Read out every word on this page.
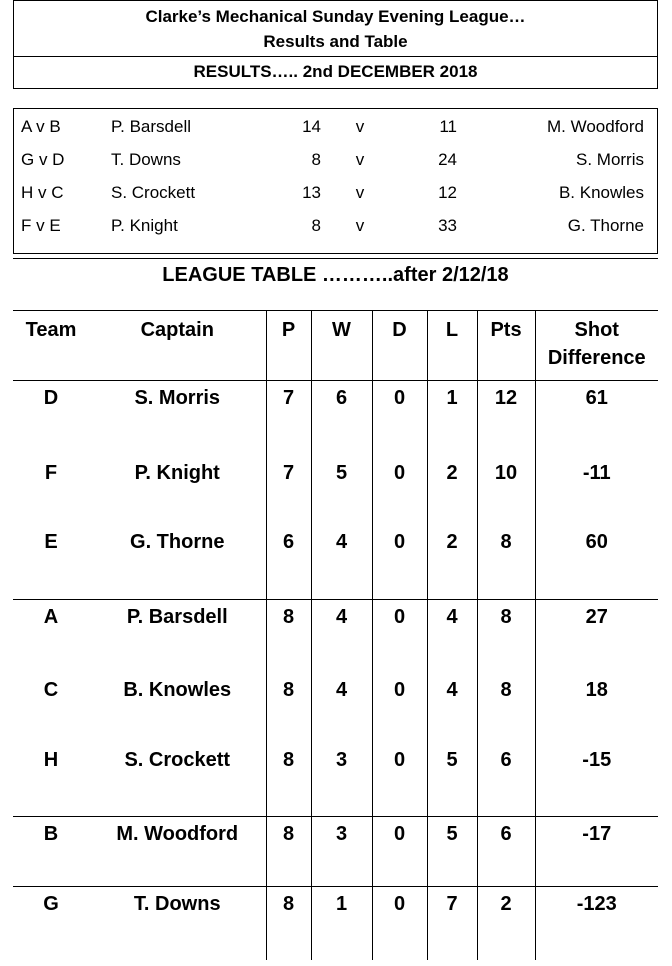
Clarke’s Mechanical Sunday Evening League…
Results and Table
RESULTS….. 2nd DECEMBER 2018
A v B	P. Barsdell	14	v	11	M. Woodford
G v D	T. Downs	8	v	24	S. Morris
H v C	S. Crockett	13	v	12	B. Knowles
F v E	P. Knight	8	v	33	G. Thorne
LEAGUE TABLE ………..after 2/12/18
Team	Captain	P	W	D	L	Pts	Shot
Difference

D	S. Morris	7	6	0	1	12	61
F	P. Knight	7	5	0	2	10	-11
E	G. Thorne	6	4	0	2	8	60
A	P. Barsdell	8	4	0	4	8	27
C	B. Knowles	8	4	0	4	8	18
H	S. Crockett	8	3	0	5	6	-15
B	M. Woodford	8	3	0	5	6	-17
G	T. Downs	8	1	0	7	2	-123
